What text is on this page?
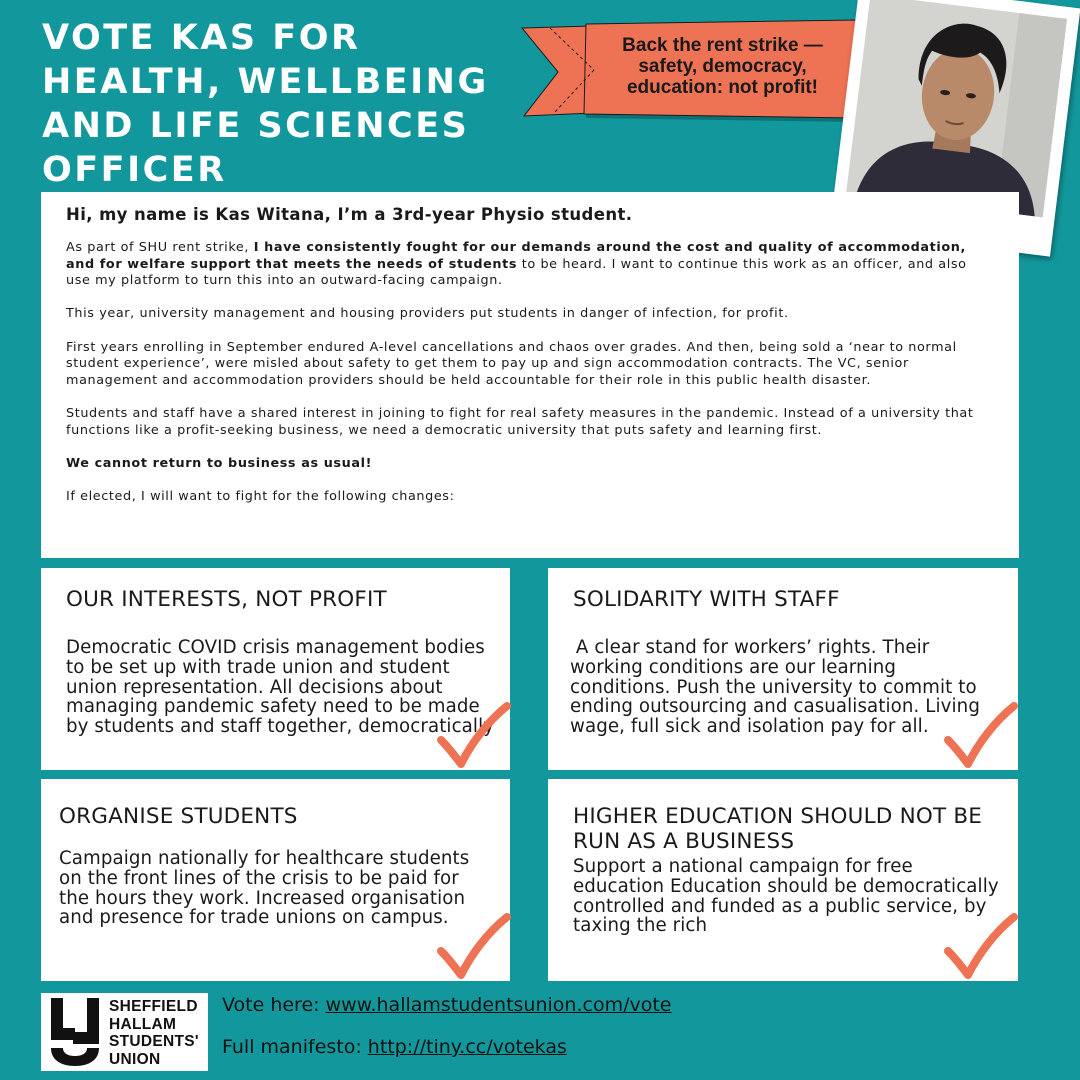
VOTE KAS FOR
HEALTH, WELLBEING
AND LIFE SCIENCES
OFFICER
Back the rent strike —
safety, democracy,
education: not profit!
Hi, my name is Kas Witana, I’m a 3rd-year Physio student.

As part of SHU rent strike, I have consistently fought for our demands around the cost and quality of accommodation, and for welfare support that meets the needs of students to be heard. I want to continue this work as an officer, and also use my platform to turn this into an outward-facing campaign.

This year, university management and housing providers put students in danger of infection, for profit.

First years enrolling in September endured A-level cancellations and chaos over grades. And then, being sold a ‘near to normal student experience’, were misled about safety to get them to pay up and sign accommodation contracts. The VC, senior management and accommodation providers should be held accountable for their role in this public health disaster.

Students and staff have a shared interest in joining to fight for real safety measures in the pandemic. Instead of a university that functions like a profit-seeking business, we need a democratic university that puts safety and learning first.

We cannot return to business as usual!

If elected, I will want to fight for the following changes:

OUR INTERESTS, NOT PROFIT

Democratic COVID crisis management bodies to be set up with trade union and student union representation. All decisions about managing pandemic safety need to be made by students and staff together, democratically

SOLIDARITY WITH STAFF

A clear stand for workers’ rights. Their working conditions are our learning conditions. Push the university to commit to ending outsourcing and casualisation. Living wage, full sick and isolation pay for all.

ORGANISE STUDENTS

Campaign nationally for healthcare students on the front lines of the crisis to be paid for the hours they work. Increased organisation and presence for trade unions on campus.

HIGHER EDUCATION SHOULD NOT BE RUN AS A BUSINESS

Support a national campaign for free education Education should be democratically controlled and funded as a public service, by taxing the rich

SHEFFIELD
HALLAM
STUDENTS'
UNION
Vote here: www.hallamstudentsunion.com/vote
Full manifesto: http://tiny.cc/votekas
